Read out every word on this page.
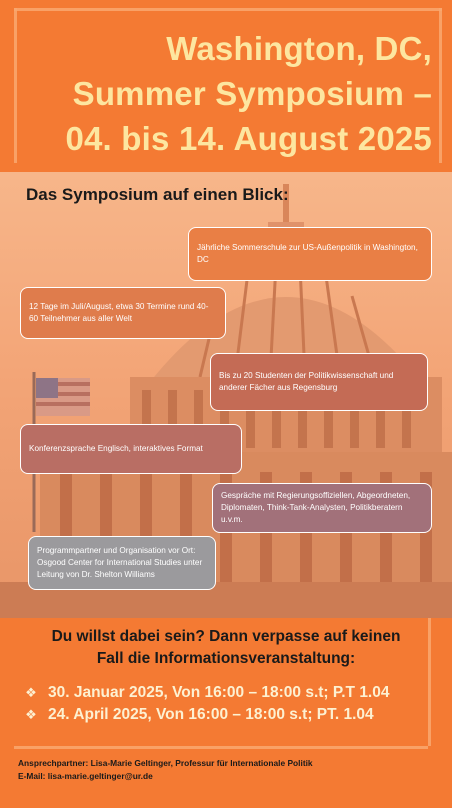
Washington, DC,
Summer Symposium –
04. bis 14. August 2025
Das Symposium auf einen Blick:
Jährliche Sommerschule zur US-Außenpolitik in Washington, DC
12 Tage im Juli/August, etwa 30 Termine rund 40-60 Teilnehmer aus aller Welt
Bis zu 20 Studenten der Politikwissenschaft und anderer Fächer aus Regensburg
Konferenzsprache Englisch, interaktives Format
Gespräche mit Regierungsoffiziellen, Abgeordneten, Diplomaten, Think-Tank-Analysten, Politikberatern u.v.m.
Programmpartner und Organisation vor Ort: Osgood Center for International Studies unter Leitung von Dr. Shelton Williams
Du willst dabei sein? Dann verpasse auf keinen
Fall die Informationsveranstaltung:
❖ 30. Januar 2025, Von 16:00 – 18:00 s.t; P.T 1.04
❖ 24. April 2025, Von 16:00 – 18:00 s.t; PT. 1.04
Ansprechpartner: Lisa-Marie Geltinger, Professur für Internationale Politik
E-Mail: lisa-marie.geltinger@ur.de
